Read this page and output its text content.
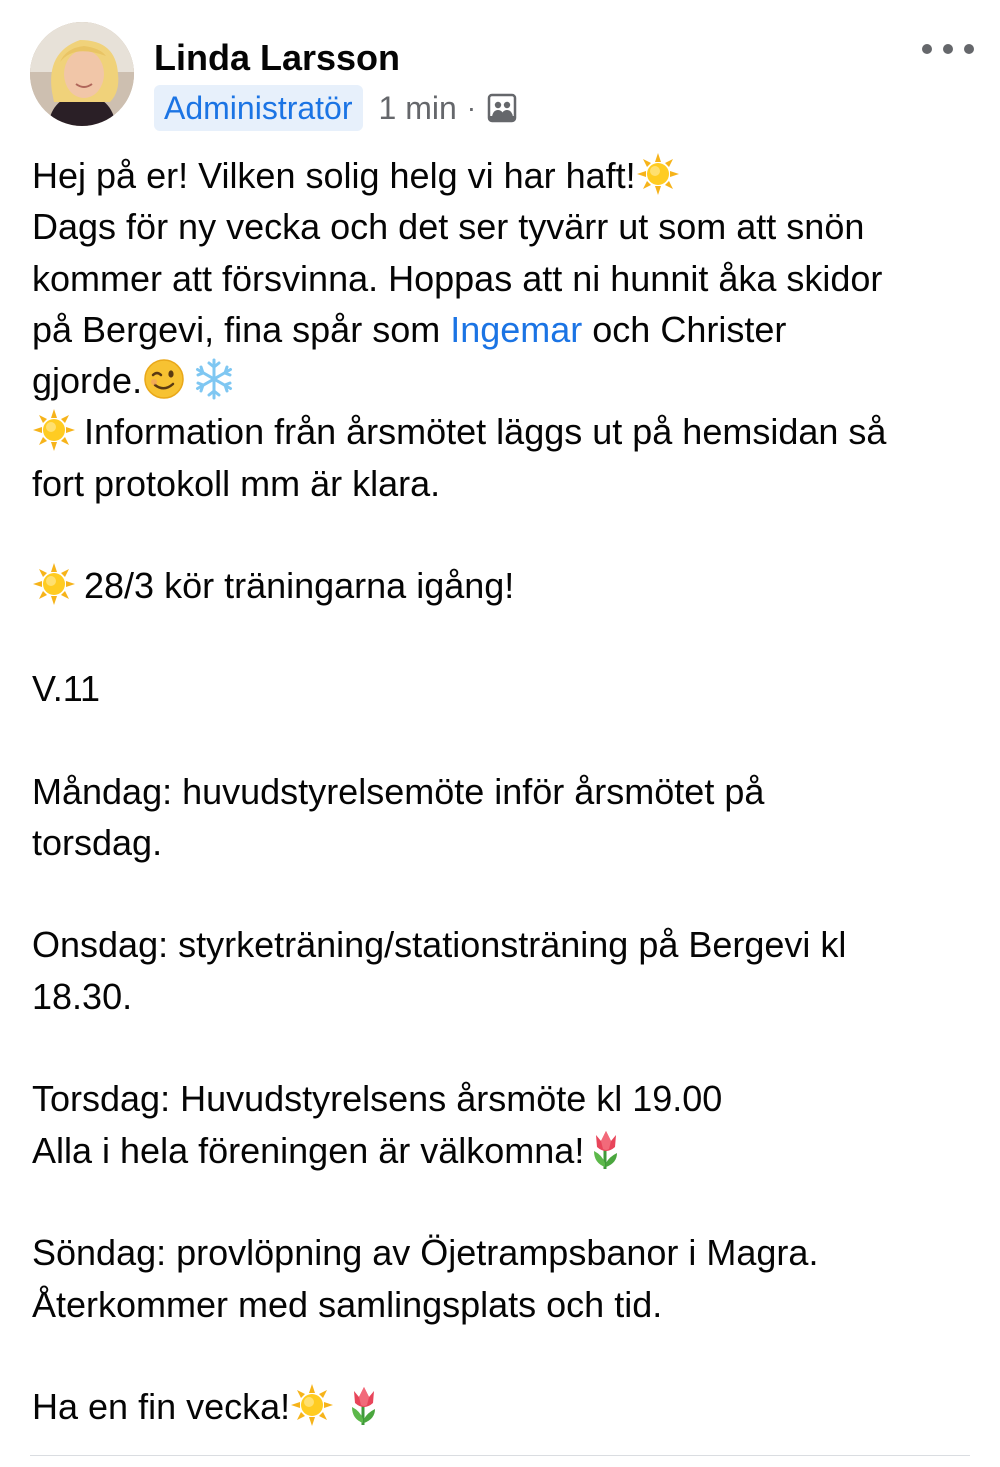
Linda Larsson
Administratör 1 min ·
Hej på er! Vilken solig helg vi har haft!
Dags för ny vecka och det ser tyvärr ut som att snön
kommer att försvinna. Hoppas att ni hunnit åka skidor
på Bergevi, fina spår som Ingemar och Christer
gjorde.
Information från årsmötet läggs ut på hemsidan så
fort protokoll mm är klara.
28/3 kör träningarna igång!
V.11
Måndag: huvudstyrelsemöte inför årsmötet på
torsdag.
Onsdag: styrketräning/stationsträning på Bergevi kl
18.30.
Torsdag: Huvudstyrelsens årsmöte kl 19.00
Alla i hela föreningen är välkomna!
Söndag: provlöpning av Öjetrampsbanor i Magra.
Återkommer med samlingsplats och tid.
Ha en fin vecka!
